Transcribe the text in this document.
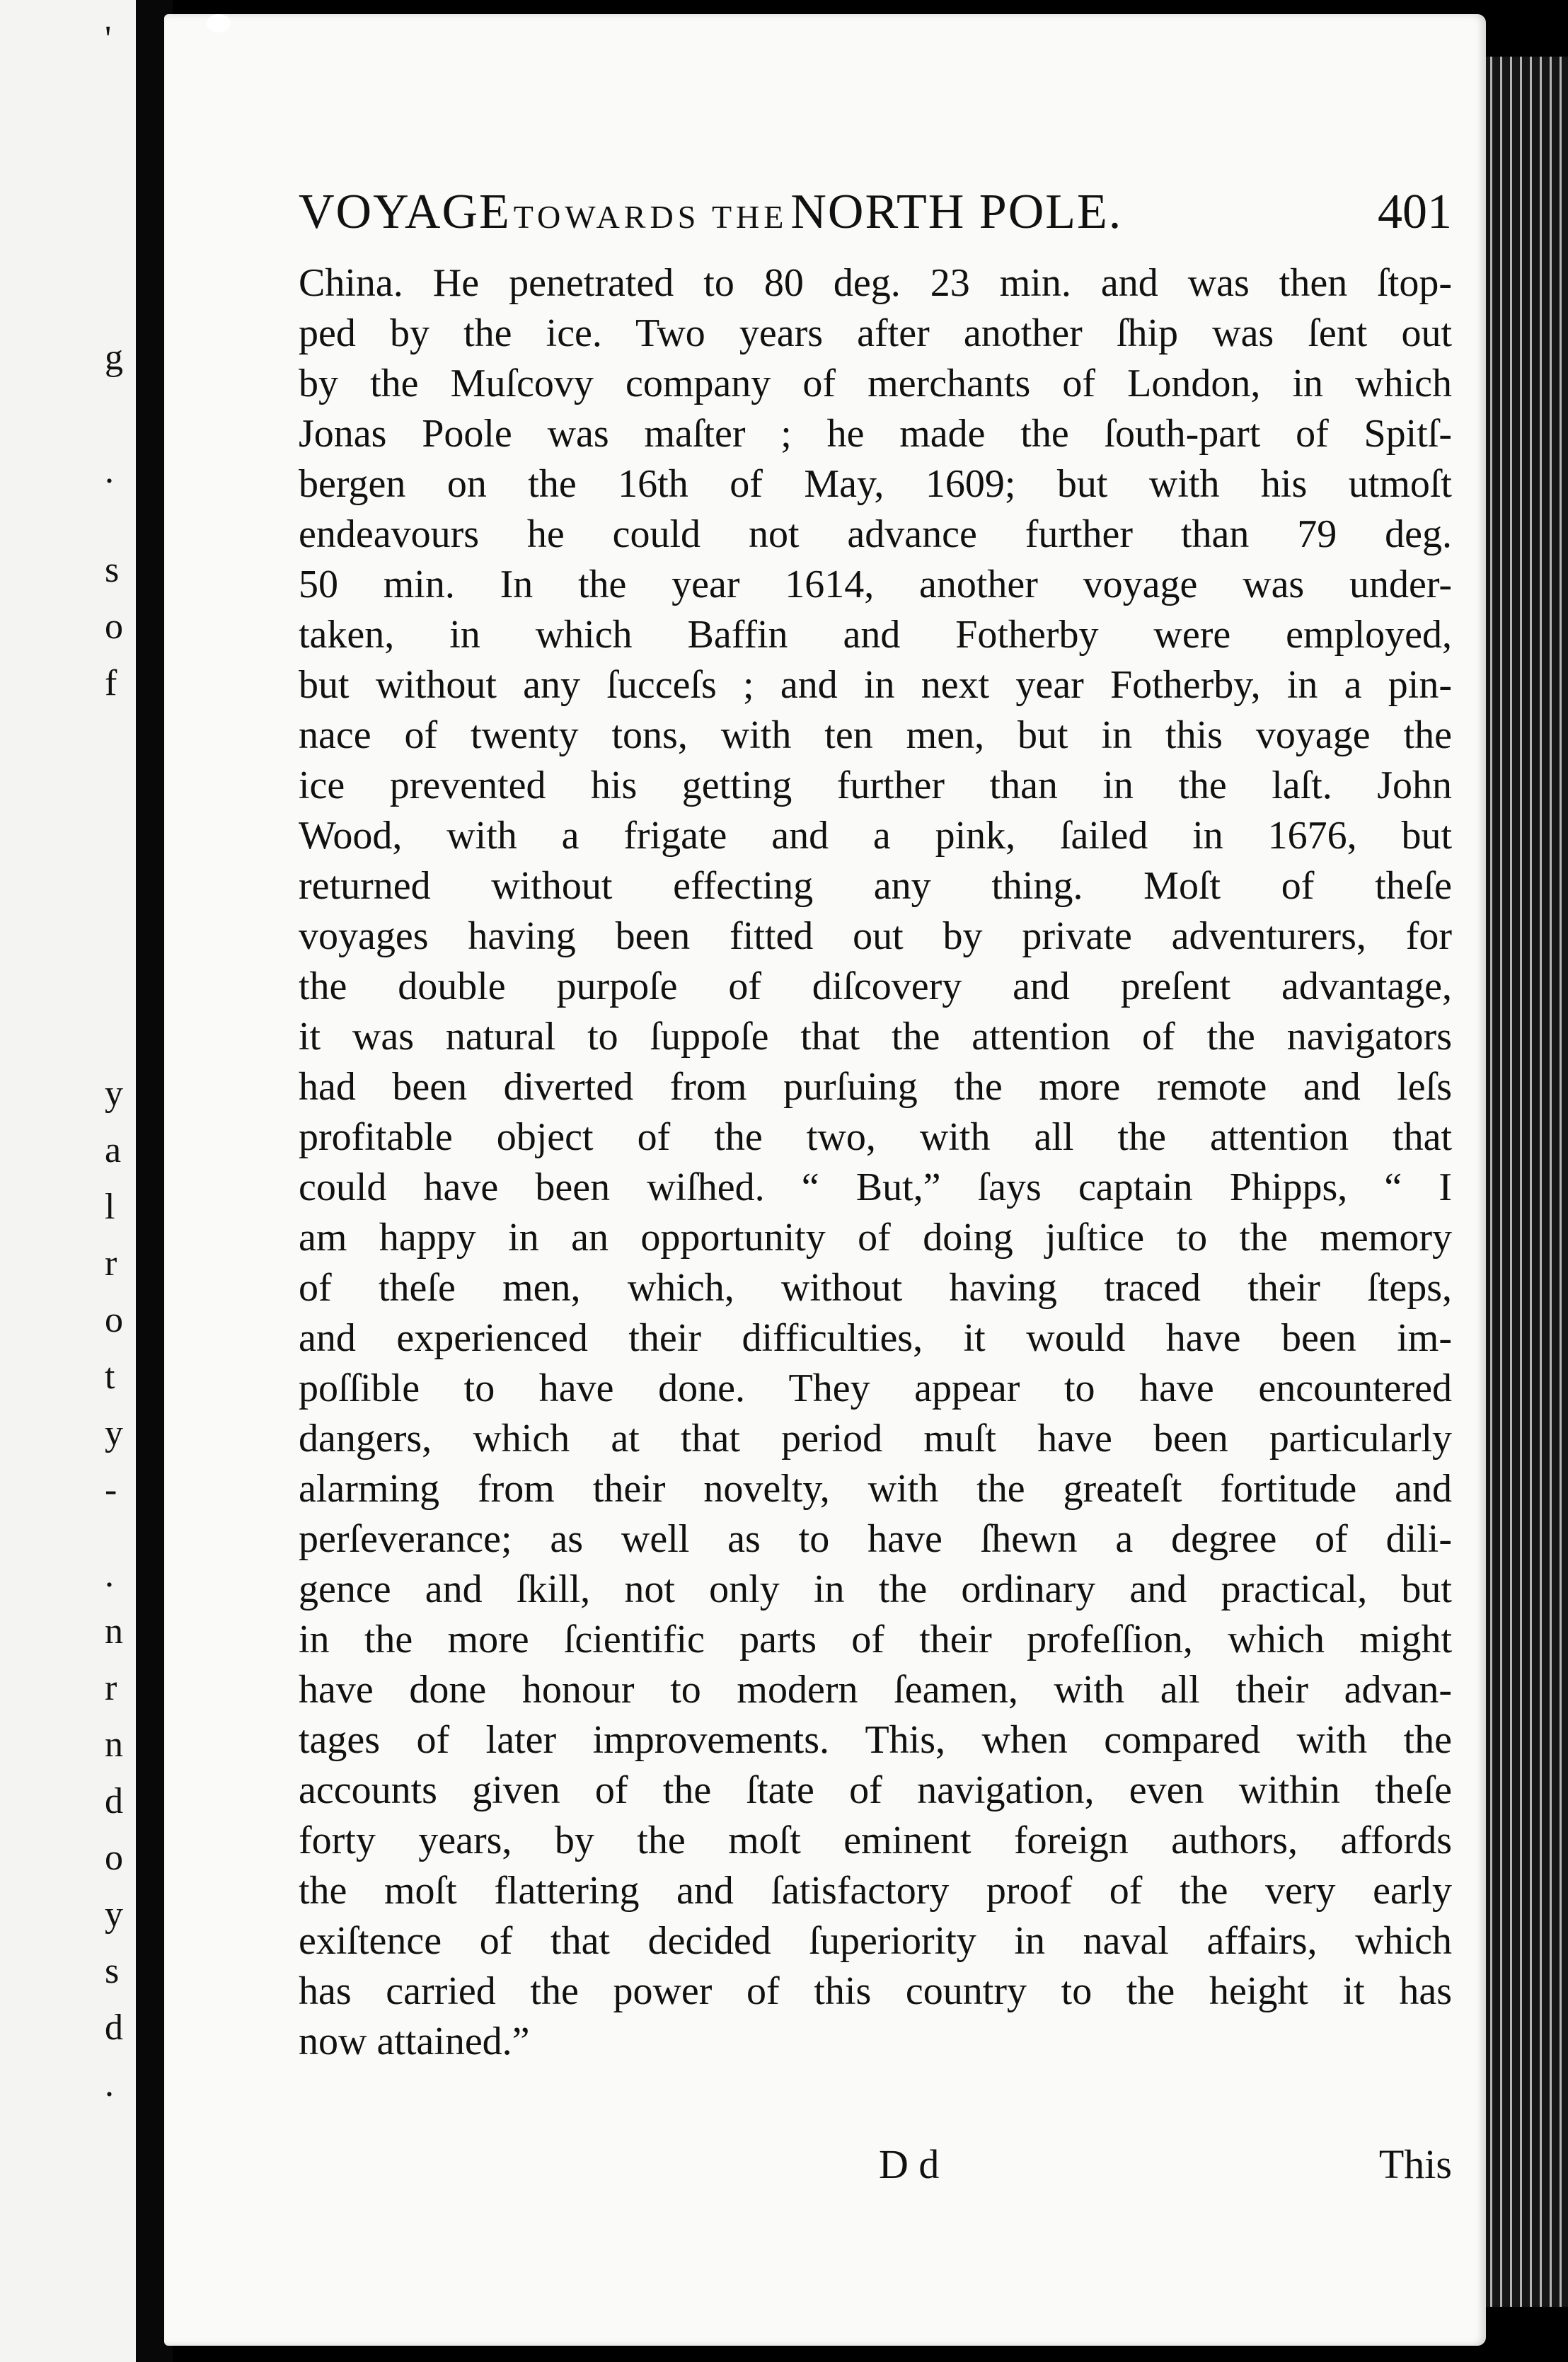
'
g
.
s
o
f
y
a
l
r
o
t
y
-
.
n
r
n
d
o
y
s
d
.
VOYAGE TOWARDS THE NORTH POLE.	401
China. He penetrated to 80 deg. 23 min. and was then ſtop-
ped by the ice. Two years after another ſhip was ſent out
by the Muſcovy company of merchants of London, in which
Jonas Poole was maſter ; he made the ſouth-part of Spitſ-
bergen on the 16th of May, 1609; but with his utmoſt
endeavours he could not advance further than 79 deg.
50 min. In the year 1614, another voyage was under-
taken, in which Baffin and Fotherby were employed,
but without any ſucceſs ; and in next year Fotherby, in a pin-
nace of twenty tons, with ten men, but in this voyage the
ice prevented his getting further than in the laſt. John
Wood, with a frigate and a pink, ſailed in 1676, but
returned without effecting any thing. Moſt of theſe
voyages having been fitted out by private adventurers, for
the double purpoſe of diſcovery and preſent advantage,
it was natural to ſuppoſe that the attention of the navigators
had been diverted from purſuing the more remote and leſs
profitable object of the two, with all the attention that
could have been wiſhed. “ But,” ſays captain Phipps, “ I
am happy in an opportunity of doing juſtice to the memory
of theſe men, which, without having traced their ſteps,
and experienced their difficulties, it would have been im-
poſſible to have done. They appear to have encountered
dangers, which at that period muſt have been particularly
alarming from their novelty, with the greateſt fortitude and
perſeverance; as well as to have ſhewn a degree of dili-
gence and ſkill, not only in the ordinary and practical, but
in the more ſcientific parts of their profeſſion, which might
have done honour to modern ſeamen, with all their advan-
tages of later improvements. This, when compared with the
accounts given of the ſtate of navigation, even within theſe
forty years, by the moſt eminent foreign authors, affords
the moſt flattering and ſatisfactory proof of the very early
exiſtence of that decided ſuperiority in naval affairs, which
has carried the power of this country to the height it has
now attained.”
D d	This
